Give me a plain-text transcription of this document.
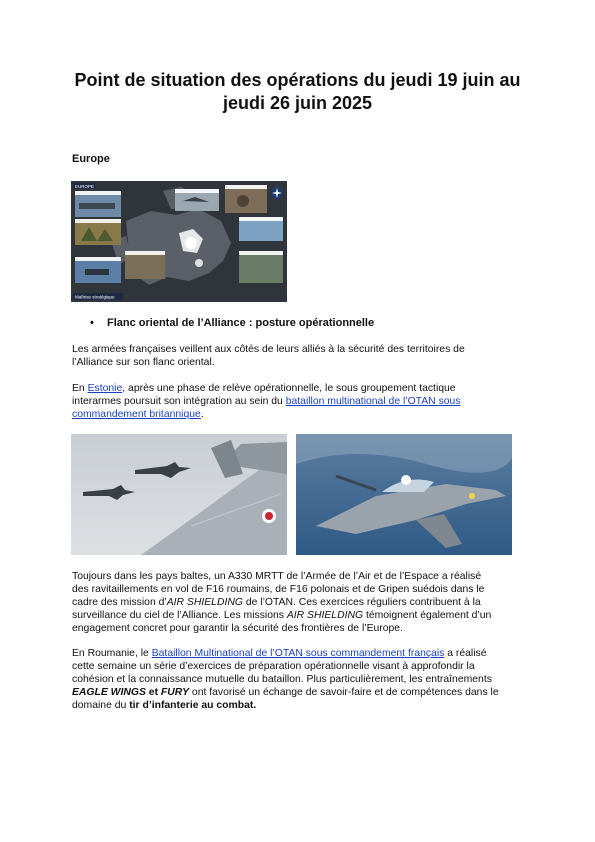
Point de situation des opérations du jeudi 19 juin au
jeudi 26 juin 2025
Europe
EUROPE
Maîtrise stratégique
• Flanc oriental de l’Alliance : posture opérationnelle

Les armées françaises veillent aux côtés de leurs alliés à la sécurité des territoires de
l’Alliance sur son flanc oriental.

En Estonie, après une phase de relève opérationnelle, le sous groupement tactique
interarmes poursuit son intégration au sein du bataillon multinational de l’OTAN sous
commandement britannique.

Toujours dans les pays baltes, un A330 MRTT de l’Armée de l’Air et de l’Espace a réalisé
des ravitaillements en vol de F16 roumains, de F16 polonais et de Gripen suédois dans le
cadre des mission d’AIR SHIELDING de l’OTAN. Ces exercices réguliers contribuent à la
surveillance du ciel de l’Alliance. Les missions AIR SHIELDING témoignent également d’un
engagement concret pour garantir la sécurité des frontières de l’Europe.

En Roumanie, le Bataillon Multinational de l’OTAN sous commandement français a réalisé
cette semaine un série d’exercices de préparation opérationnelle visant à approfondir la
cohésion et la connaissance mutuelle du bataillon. Plus particulièrement, les entraînements
EAGLE WINGS et FURY ont favorisé un échange de savoir-faire et de compétences dans le
domaine du tir d’infanterie au combat.
